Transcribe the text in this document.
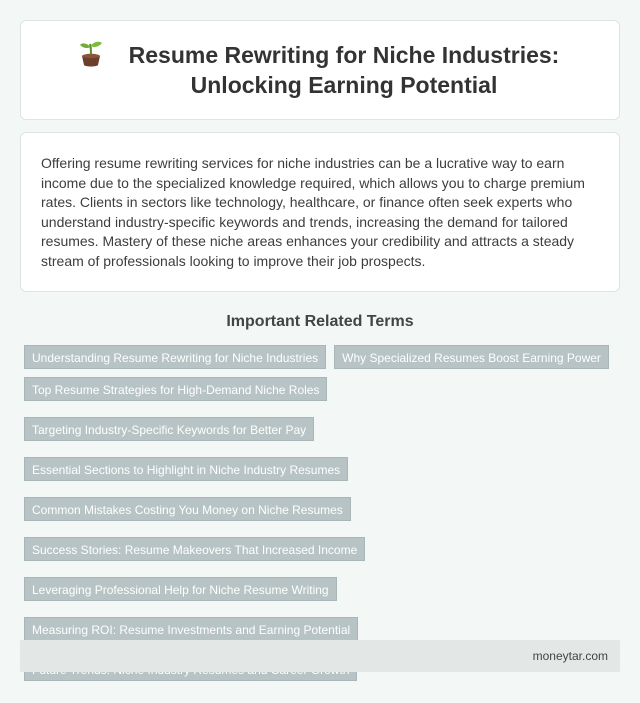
Resume Rewriting for Niche Industries: Unlocking Earning Potential

Offering resume rewriting services for niche industries can be a lucrative way to earn income due to the specialized knowledge required, which allows you to charge premium rates. Clients in sectors like technology, healthcare, or finance often seek experts who understand industry-specific keywords and trends, increasing the demand for tailored resumes. Mastery of these niche areas enhances your credibility and attracts a steady stream of professionals looking to improve their job prospects.

Important Related Terms
Understanding Resume Rewriting for Niche Industries	Why Specialized Resumes Boost Earning Power
Top Resume Strategies for High-Demand Niche Roles
Targeting Industry-Specific Keywords for Better Pay
Essential Sections to Highlight in Niche Industry Resumes
Common Mistakes Costing You Money on Niche Resumes
Success Stories: Resume Makeovers That Increased Income
Leveraging Professional Help for Niche Resume Writing
Measuring ROI: Resume Investments and Earning Potential
moneytar.com
